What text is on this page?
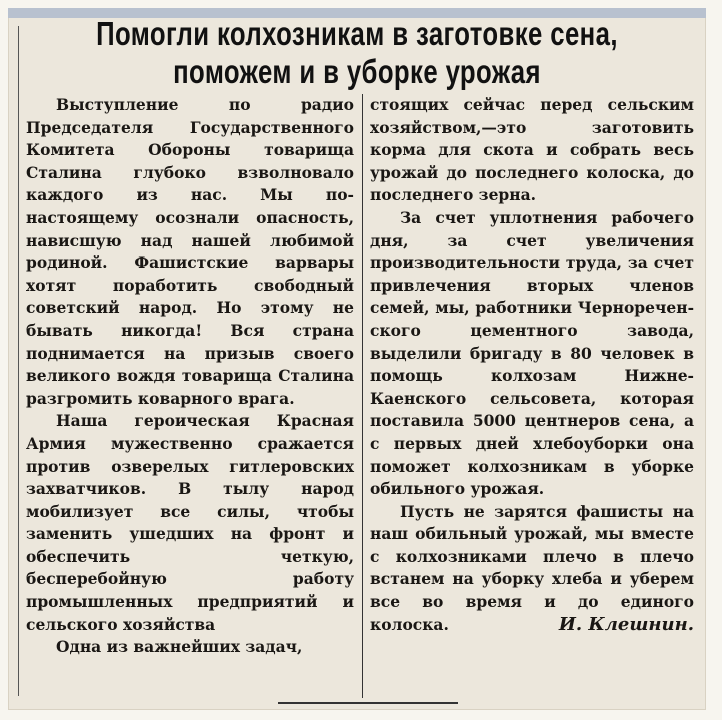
Помогли колхозникам в заготовке сена,
поможем и в уборке урожая

Выступление по радио Председателя Государственного Комитета Обороны товарища Сталина глубоко взволновало каждого из нас. Мы по-настоящему осознали опасность, нависшую над нашей любимой родиной. Фашистские варвары хотят поработить свободный советский народ. Но этому не бывать никогда! Вся страна поднимается на призыв своего великого вождя товарища Сталина разгромить коварного врага.

Наша героическая Красная Армия мужественно сражается против озверелых гитлеровских захватчиков. В тылу народ мобилизует все силы, чтобы заменить ушедших на фронт и обеспечить четкую, бесперебойную работу промышленных предприятий и сельского хозяйства

Одна из важнейших задач,

стоящих сейчас перед сельским хозяйством,—это заготовить корма для скота и собрать весь урожай до последнего колоска, до последнего зерна.

За счет уплотнения рабочего дня, за счет увеличения производительности труда, за счет привлечения вторых членов семей, мы, работники Чернореченского цементного завода, выделили бригаду в 80 человек в помощь колхозам Нижне-Каенского сельсовета, которая поставила 5000 центнеров сена, а с первых дней хлебоуборки она поможет колхозникам в уборке обильного урожая.

Пусть не зарятся фашисты на наш обильный урожай, мы вместе с колхозниками плечо в плечо встанем на уборку хлеба и уберем все во время и до единого колоска.	И. Клешнин.
